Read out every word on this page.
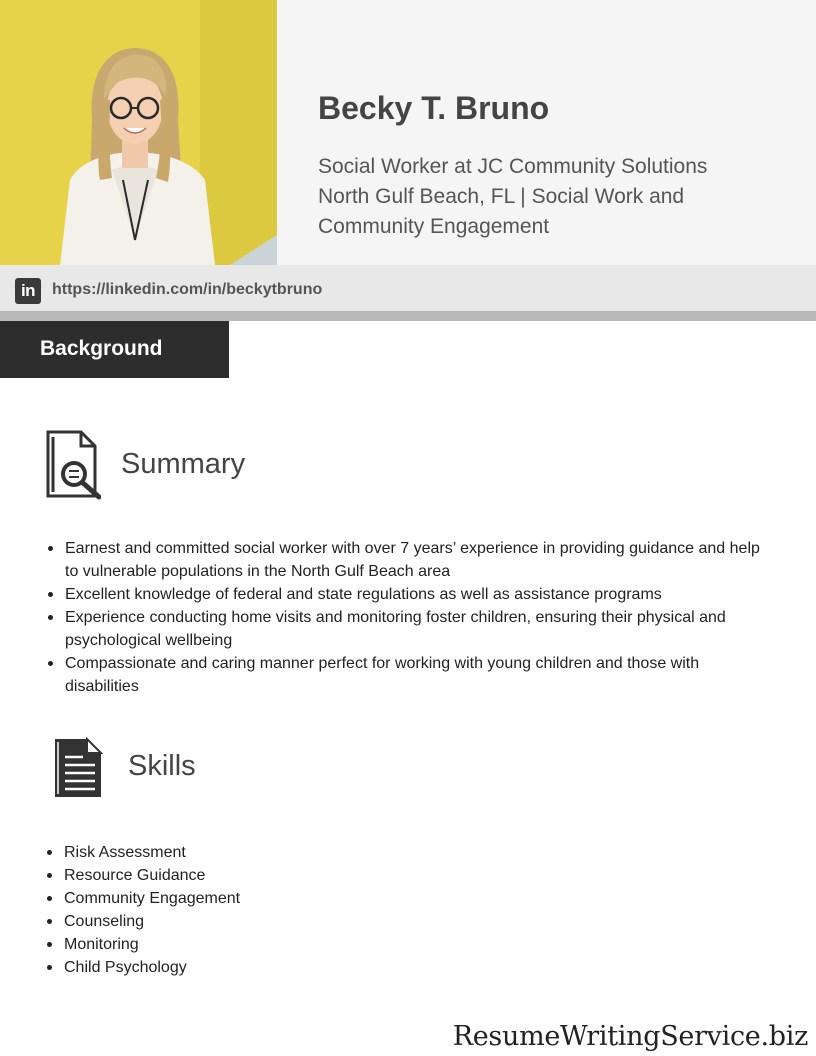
Becky T. Bruno
Social Worker at JC Community Solutions
North Gulf Beach, FL | Social Work and
Community Engagement
in	https://linkedin.com/in/beckytbruno
Background
Summary
Earnest and committed social worker with over 7 years’ experience in providing guidance and help to vulnerable populations in the North Gulf Beach area
Excellent knowledge of federal and state regulations as well as assistance programs
Experience conducting home visits and monitoring foster children, ensuring their physical and psychological wellbeing
Compassionate and caring manner perfect for working with young children and those with disabilities
Skills
Risk Assessment
Resource Guidance
Community Engagement
Counseling
Monitoring
Child Psychology
ResumeWritingService.biz
